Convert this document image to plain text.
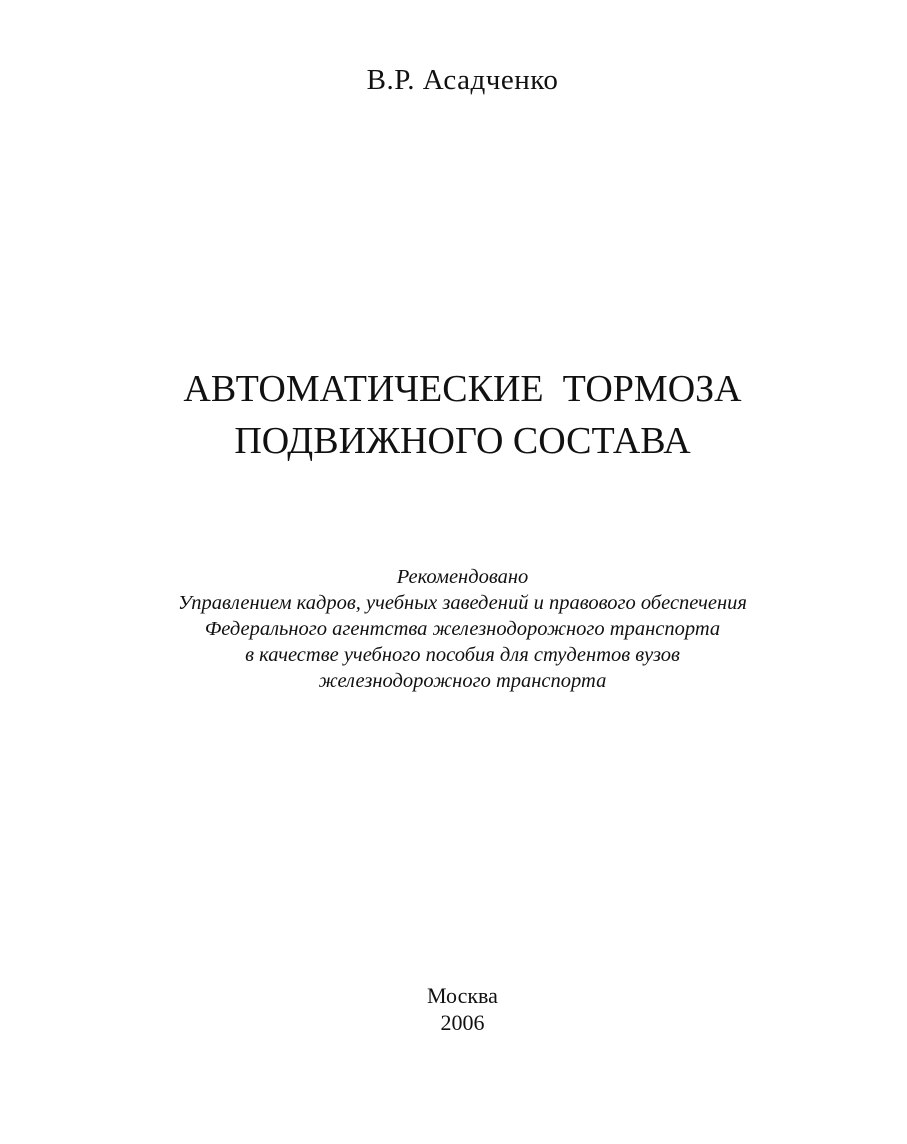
В.Р. Асадченко
АВТОМАТИЧЕСКИЕ  ТОРМОЗА
ПОДВИЖНОГО СОСТАВА
Рекомендовано
Управлением кадров, учебных заведений и правового обеспечения
Федерального агентства железнодорожного транспорта
в качестве учебного пособия для студентов вузов
железнодорожного транспорта
Москва
2006
